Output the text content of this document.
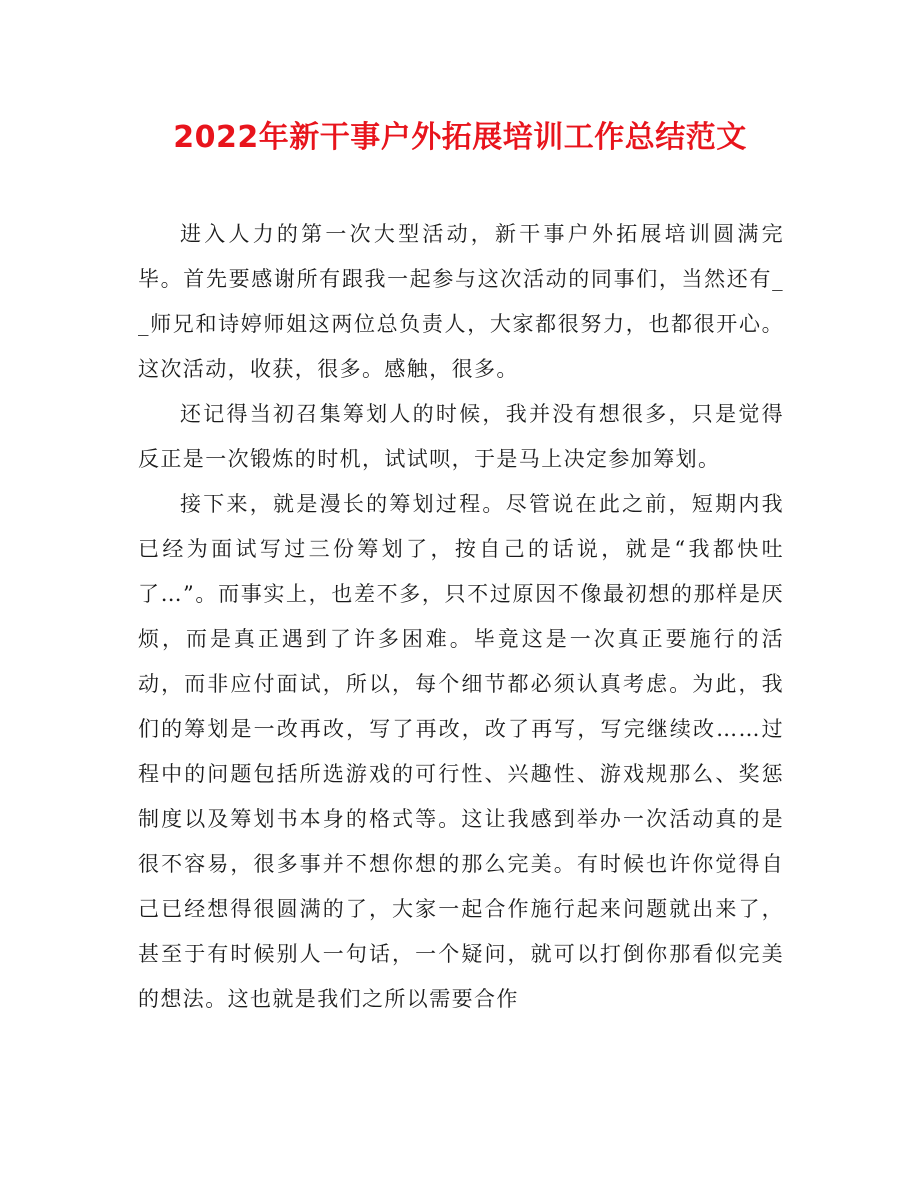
2022年新干事户外拓展培训工作总结范文

进入人力的第一次大型活动，新干事户外拓展培训圆满完毕。首先要感谢所有跟我一起参与这次活动的同事们，当然还有__师兄和诗婷师姐这两位总负责人，大家都很努力，也都很开心。这次活动，收获，很多。感触，很多。

还记得当初召集筹划人的时候，我并没有想很多，只是觉得反正是一次锻炼的时机，试试呗，于是马上决定参加筹划。

接下来，就是漫长的筹划过程。尽管说在此之前，短期内我已经为面试写过三份筹划了，按自己的话说，就是“我都快吐了…”。而事实上，也差不多，只不过原因不像最初想的那样是厌烦，而是真正遇到了许多困难。毕竟这是一次真正要施行的活动，而非应付面试，所以，每个细节都必须认真考虑。为此，我们的筹划是一改再改，写了再改，改了再写，写完继续改……过程中的问题包括所选游戏的可行性、兴趣性、游戏规那么、奖惩制度以及筹划书本身的格式等。这让我感到举办一次活动真的是很不容易，很多事并不想你想的那么完美。有时候也许你觉得自己已经想得很圆满的了，大家一起合作施行起来问题就出来了，甚至于有时候别人一句话，一个疑问，就可以打倒你那看似完美的想法。这也就是我们之所以需要合作
